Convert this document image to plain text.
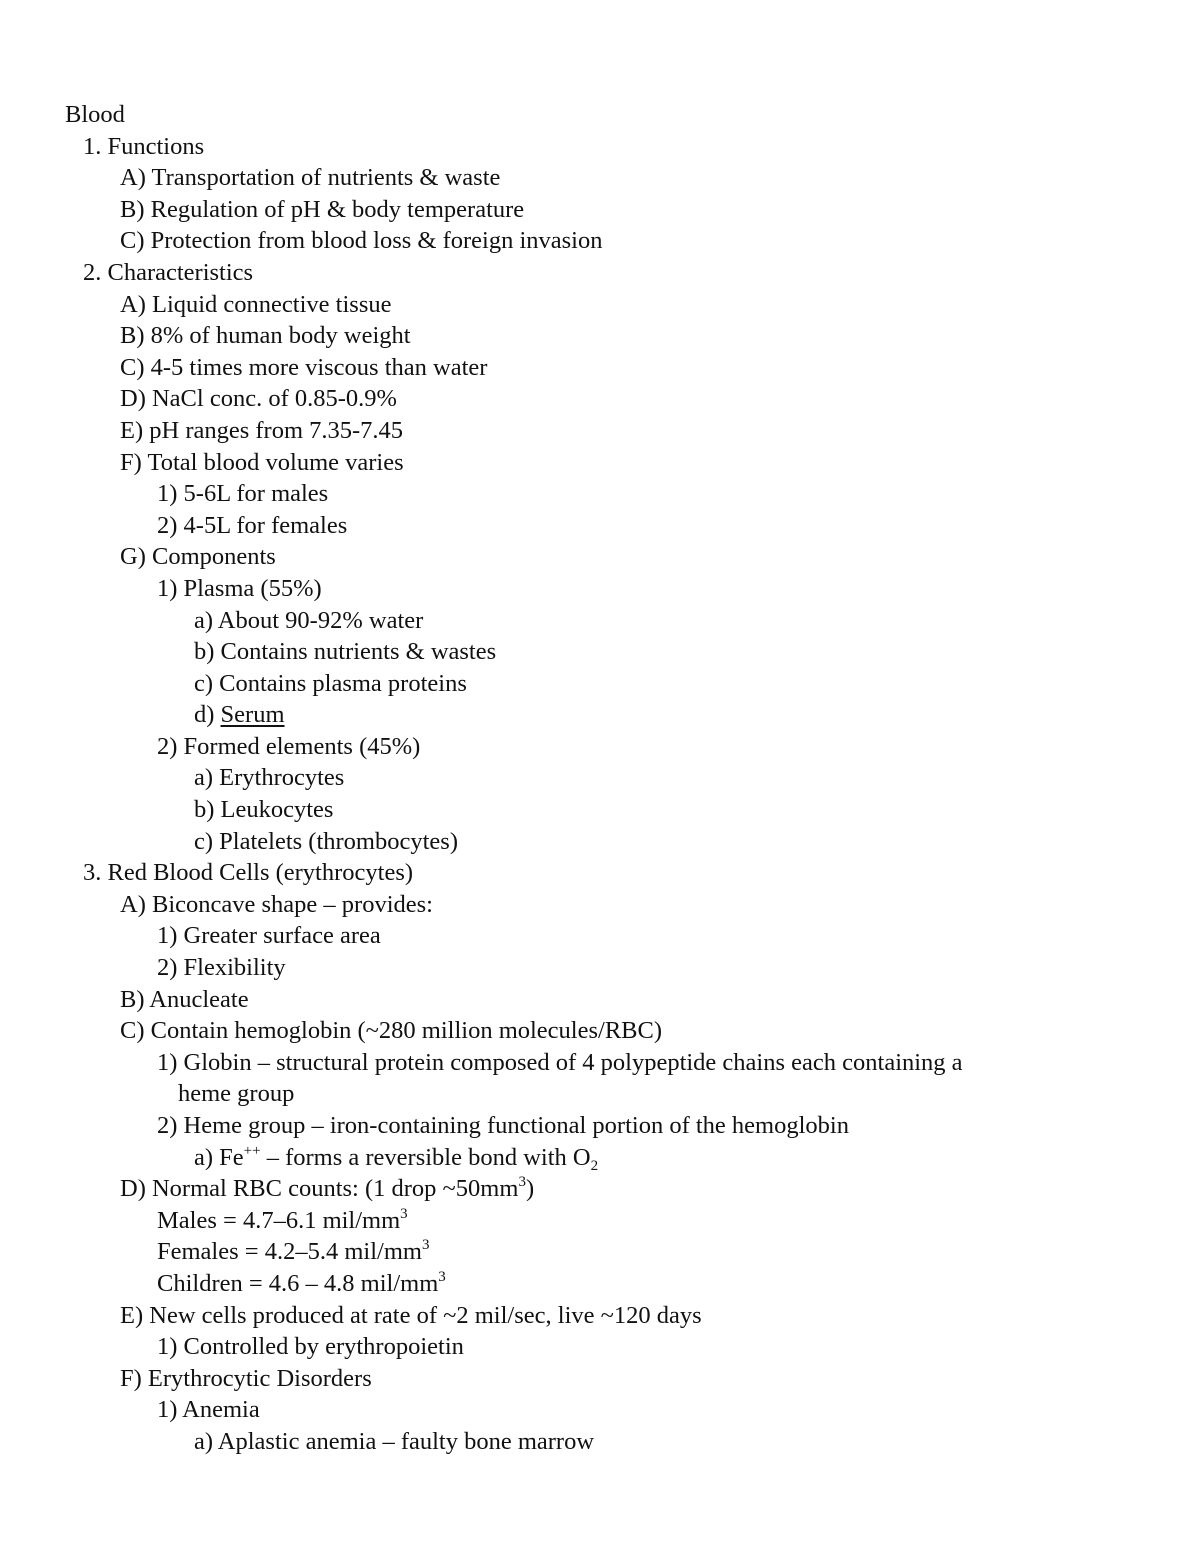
Blood
1. Functions
A) Transportation of nutrients & waste
B) Regulation of pH & body temperature
C) Protection from blood loss & foreign invasion
2. Characteristics
A) Liquid connective tissue
B) 8% of human body weight
C) 4-5 times more viscous than water
D) NaCl conc. of 0.85-0.9%
E) pH ranges from 7.35-7.45
F) Total blood volume varies
1) 5-6L for males
2) 4-5L for females
G) Components
1) Plasma (55%)
a) About 90-92% water
b) Contains nutrients & wastes
c) Contains plasma proteins
d) Serum
2) Formed elements (45%)
a) Erythrocytes
b) Leukocytes
c) Platelets (thrombocytes)
3. Red Blood Cells (erythrocytes)
A) Biconcave shape – provides:
1) Greater surface area
2) Flexibility
B) Anucleate
C) Contain hemoglobin (~280 million molecules/RBC)
1) Globin – structural protein composed of 4 polypeptide chains each containing a
heme group
2) Heme group – iron-containing functional portion of the hemoglobin
a) Fe++ – forms a reversible bond with $O_2$
D) Normal RBC counts: (1 drop $\sim 50mm^3$)
Males = 4.7–6.1 mil/$mm^3$
Females = 4.2–5.4 mil/$mm^3$
Children = 4.6 – 4.8 mil/$mm^3$
E) New cells produced at rate of ~2 mil/sec, live ~120 days
1) Controlled by erythropoietin
F) Erythrocytic Disorders
1) Anemia
a) Aplastic anemia – faulty bone marrow
